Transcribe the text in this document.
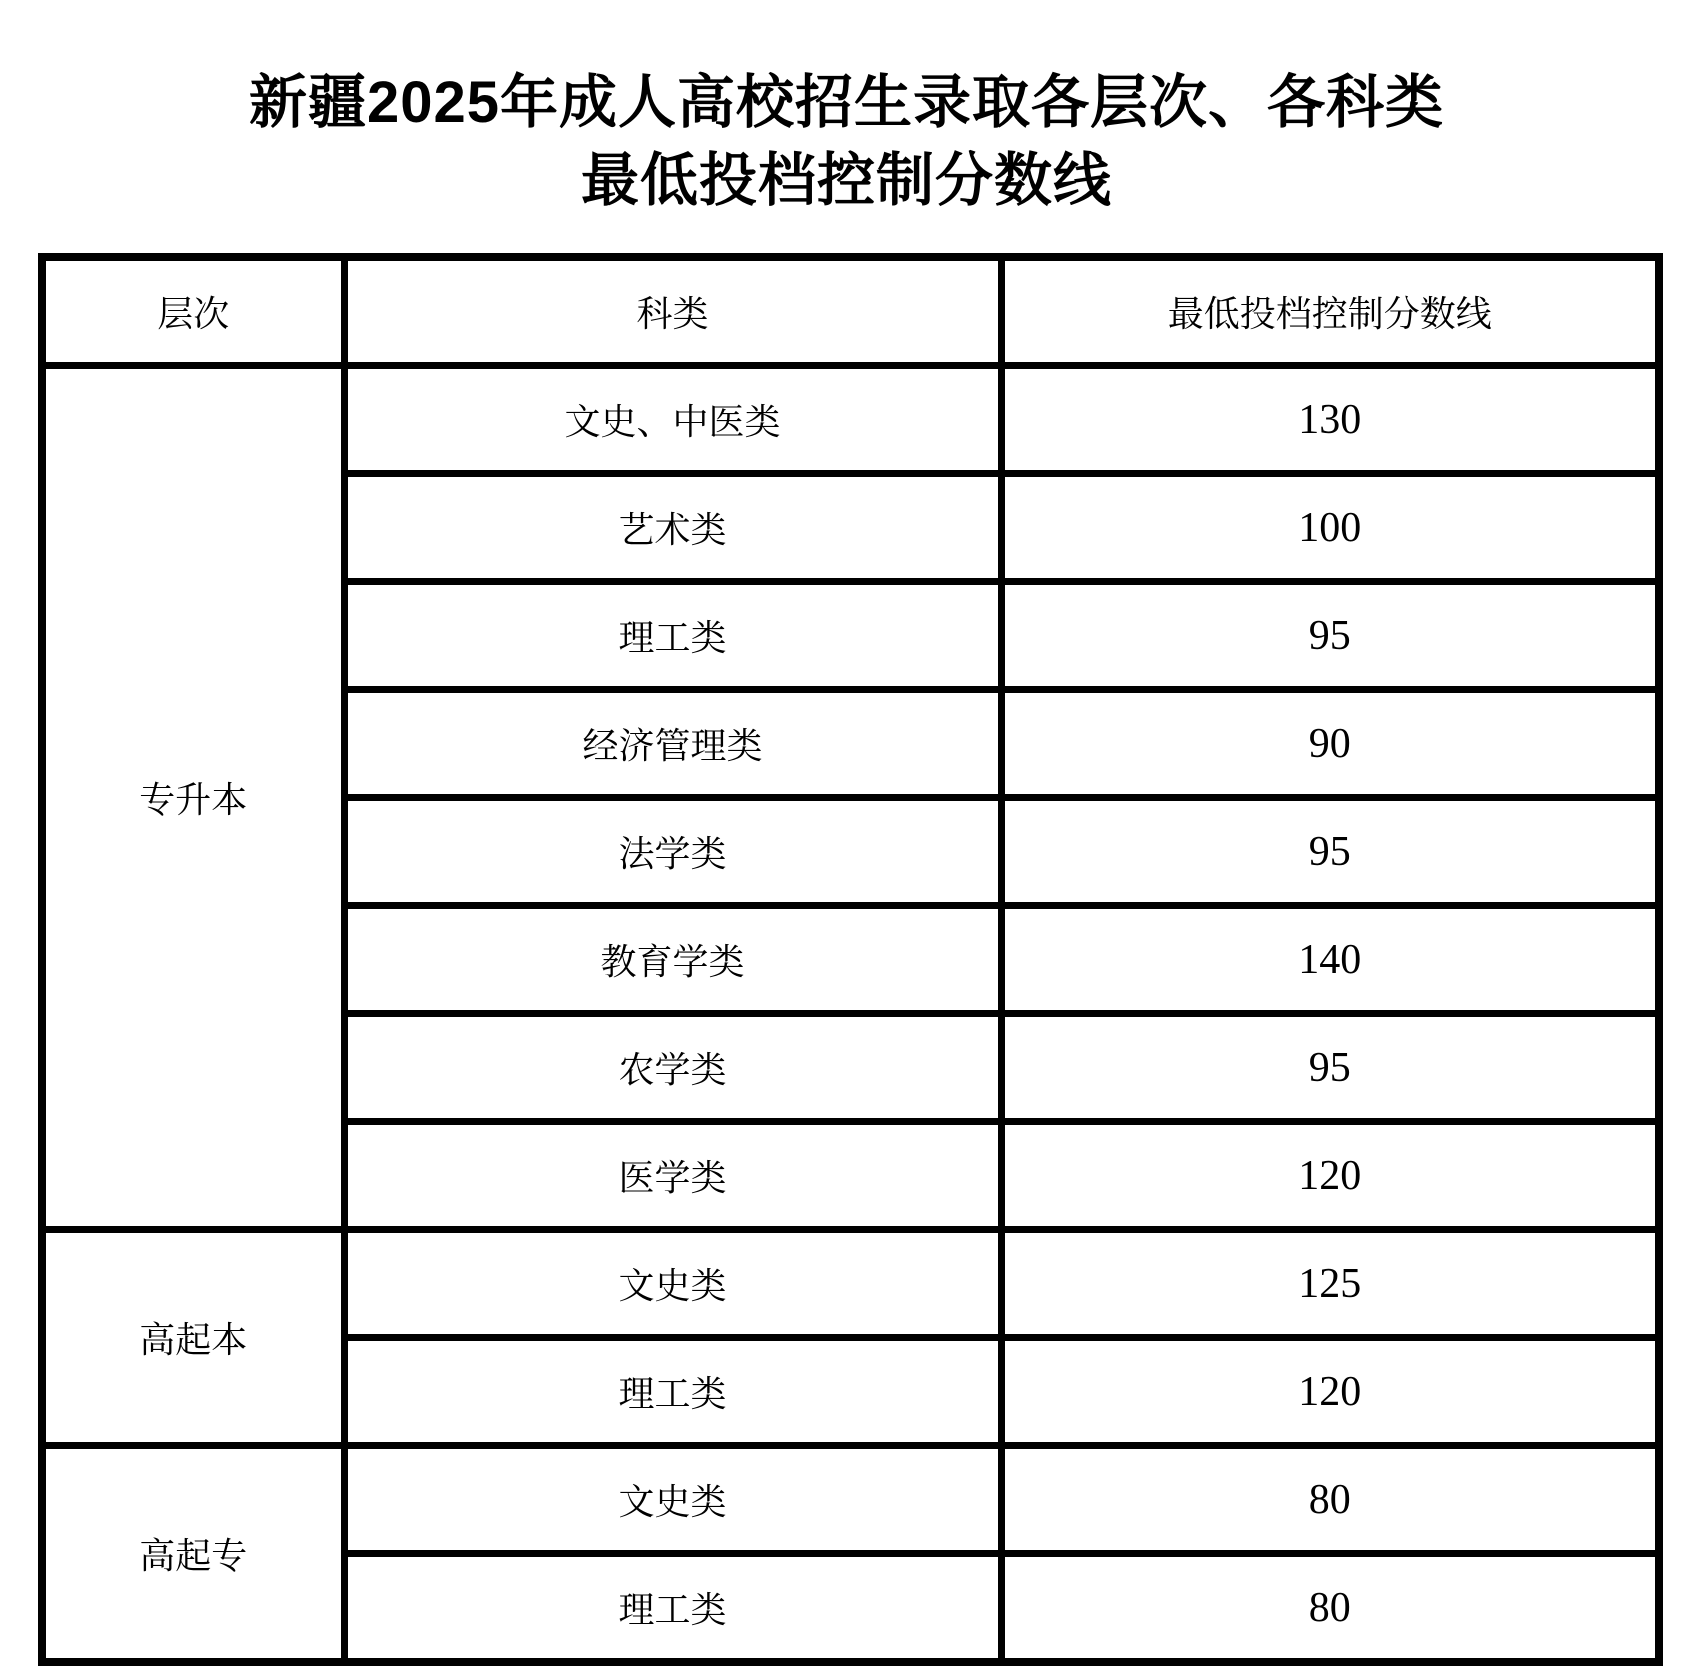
新疆2025年成人高校招生录取各层次、各科类
最低投档控制分数线
层次	科类	最低投档控制分数线
专升本	文史、中医类	130
	艺术类	100
	理工类	95
	经济管理类	90
	法学类	95
	教育学类	140
	农学类	95
	医学类	120
高起本	文史类	125
	理工类	120
高起专	文史类	80
	理工类	80
